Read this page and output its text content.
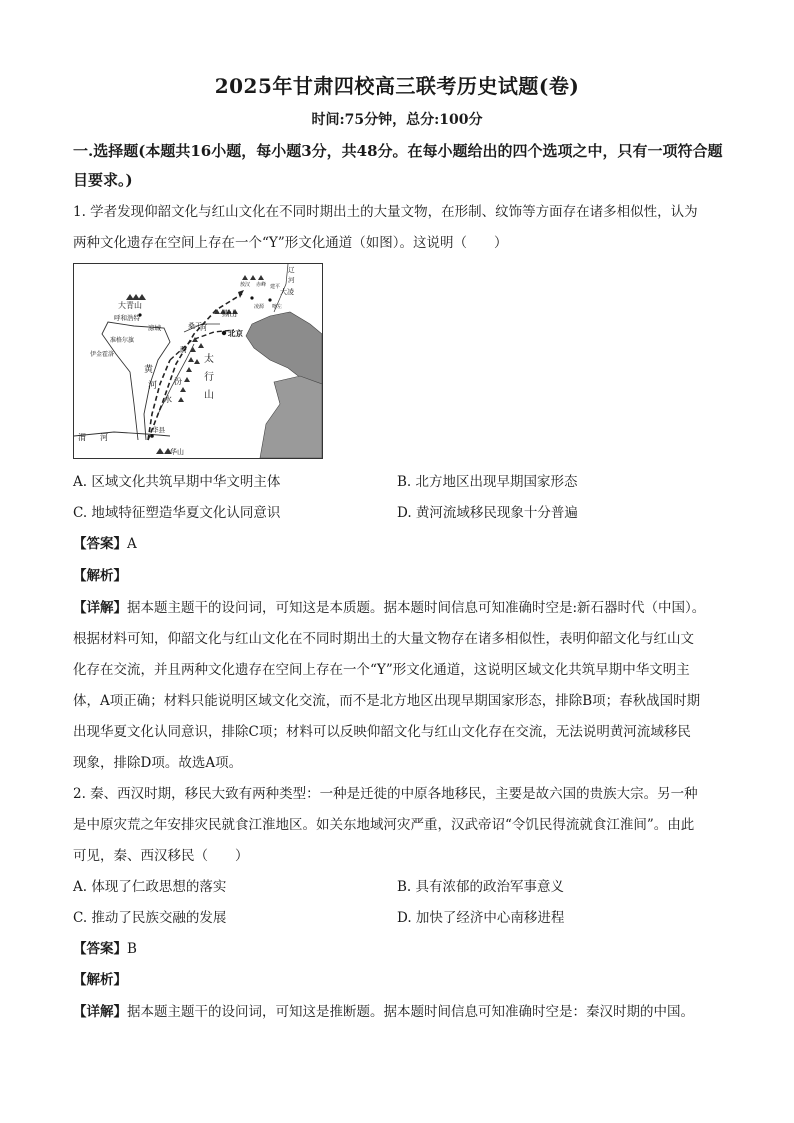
2025年甘肃四校高三联考历史试题(卷)
时间:75分钟，总分:100分
一.选择题(本题共16小题，每小题3分，共48分。在每小题给出的四个选项之中，只有一项符合题目要求。)
1. 学者发现仰韶文化与红山文化在不同时期出土的大量文物，在形制、纹饰等方面存在诸多相似性，认为
两种文化遗存在空间上存在一个“Y”形文化通道（如图）。这说明（　　）
大青山
呼和浩特
凉城
准格尔旗
伊金霍洛
燕山
北京
桑干
河
蔚
太
行
山
黄
河 汾
水
渭 河
华县
华山
辽
河
大凌
敖汉 赤峰
凌源 喀左
建平
A. 区域文化共筑早期中华文明主体	B. 北方地区出现早期国家形态
C. 地域特征塑造华夏文化认同意识	D. 黄河流域移民现象十分普遍
【答案】A
【解析】
【详解】据本题主题干的设问词，可知这是本质题。据本题时间信息可知准确时空是:新石器时代（中国）。
根据材料可知，仰韶文化与红山文化在不同时期出土的大量文物存在诸多相似性，表明仰韶文化与红山文
化存在交流，并且两种文化遗存在空间上存在一个“Y”形文化通道，这说明区域文化共筑早期中华文明主
体，A项正确；材料只能说明区域文化交流，而不是北方地区出现早期国家形态，排除B项；春秋战国时期
出现华夏文化认同意识，排除C项；材料可以反映仰韶文化与红山文化存在交流，无法说明黄河流域移民
现象，排除D项。故选A项。
2. 秦、西汉时期，移民大致有两种类型：一种是迁徙的中原各地移民，主要是故六国的贵族大宗。另一种
是中原灾荒之年安排灾民就食江淮地区。如关东地域河灾严重，汉武帝诏“令饥民得流就食江淮间”。由此
可见，秦、西汉移民（　　）
A. 体现了仁政思想的落实	B. 具有浓郁的政治军事意义
C. 推动了民族交融的发展	D. 加快了经济中心南移进程
【答案】B
【解析】
【详解】据本题主题干的设问词，可知这是推断题。据本题时间信息可知准确时空是：秦汉时期的中国。
